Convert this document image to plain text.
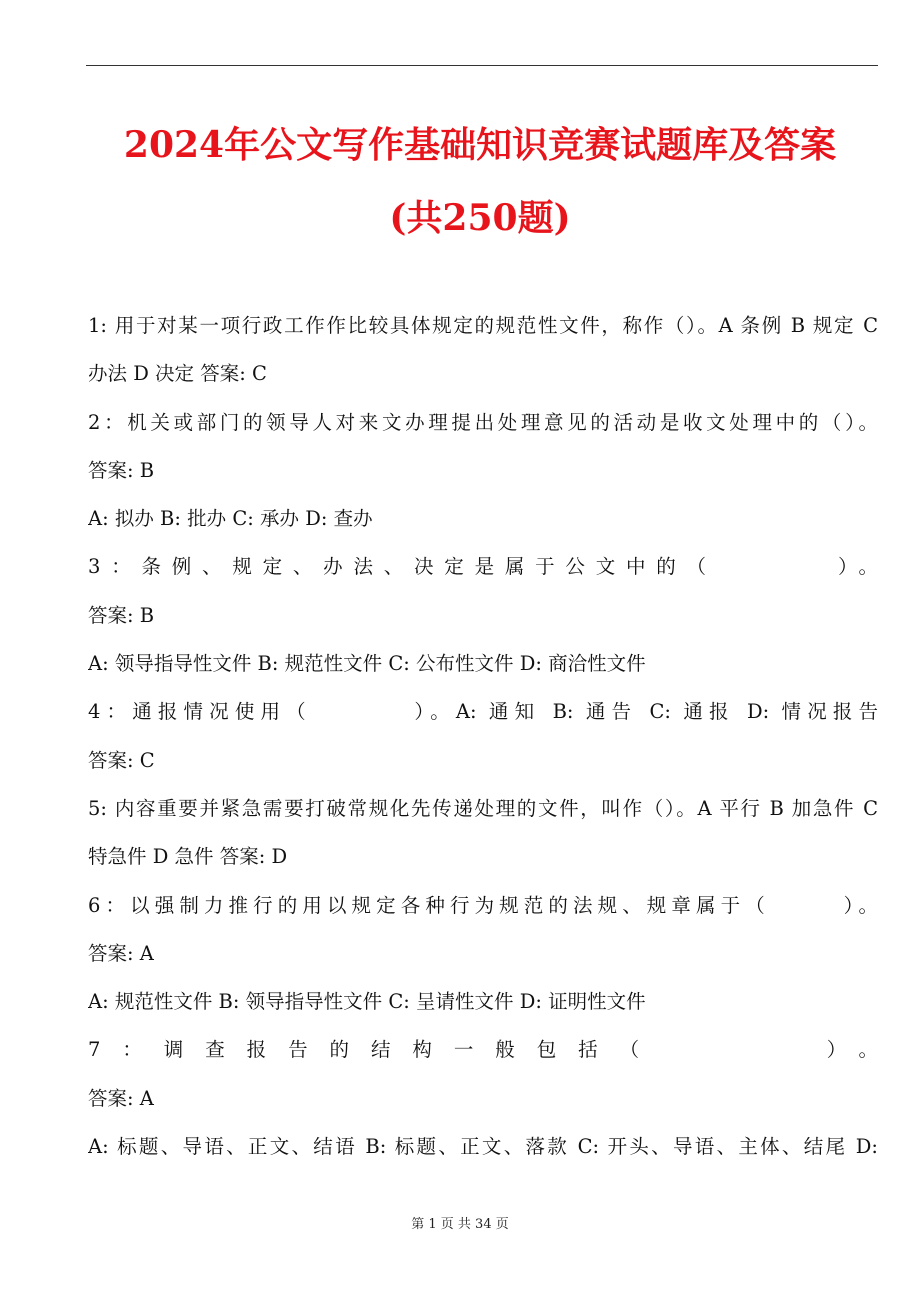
2024年公文写作基础知识竞赛试题库及答案
(共250题)
1: 用于对某一项行政工作作比较具体规定的规范性文件，称作（）。A 条例 B 规定 C
办法 D 决定 答案: C
2：机关或部门的领导人对来文办理提出处理意见的活动是收文处理中的（）。
答案: B
A: 拟办 B: 批办 C: 承办 D: 查办
3：条例、规定、办法、决定是属于公文中的（　　　　）。
答案: B
A: 领导指导性文件 B: 规范性文件 C: 公布性文件 D: 商洽性文件
4：通报情况使用（　　　　）。A: 通知 B: 通告 C: 通报 D: 情况报告
答案: C
5: 内容重要并紧急需要打破常规化先传递处理的文件，叫作（）。A 平行 B 加急件 C
特急件 D 急件 答案: D
6：以强制力推行的用以规定各种行为规范的法规、规章属于（　　　）。
答案: A
A: 规范性文件 B: 领导指导性文件 C: 呈请性文件 D: 证明性文件
7：调查报告的结构一般包括（　　　　）。
答案: A
A: 标题、导语、正文、结语 B: 标题、正文、落款 C: 开头、导语、主体、结尾 D:
第 1 页 共 34 页
